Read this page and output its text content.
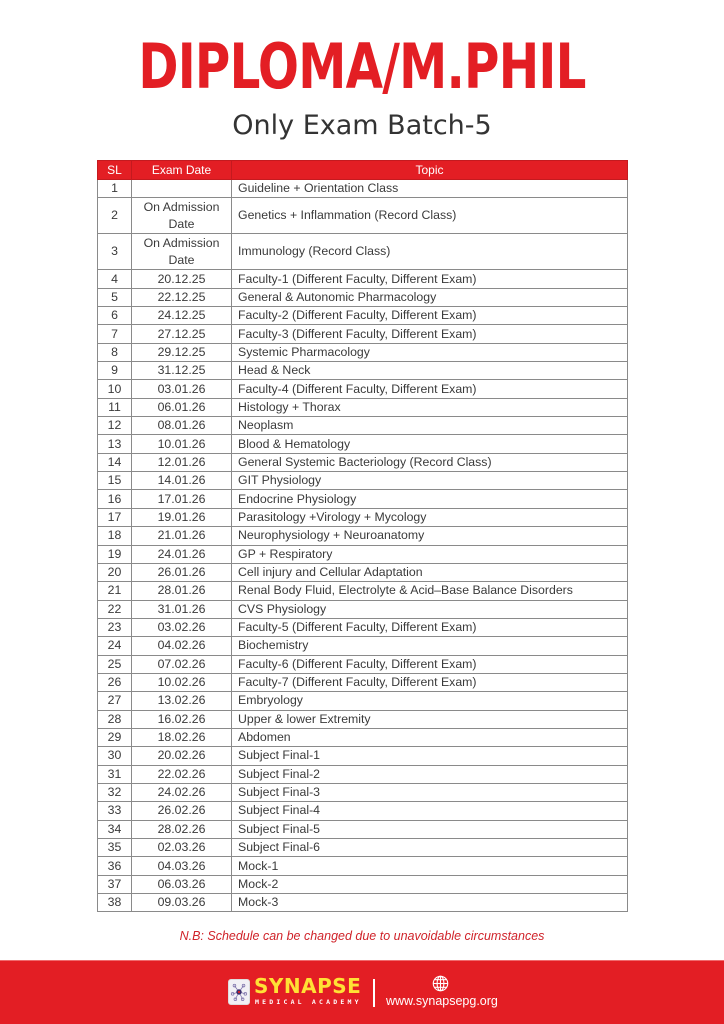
DIPLOMA/M.PHIL
Only Exam Batch-5
SL	Exam Date	Topic
1		Guideline + Orientation Class
2	On Admission Date	Genetics + Inflammation (Record Class)
3	On Admission Date	Immunology (Record Class)
4	20.12.25	Faculty-1 (Different Faculty, Different Exam)
5	22.12.25	General & Autonomic Pharmacology
6	24.12.25	Faculty-2 (Different Faculty, Different Exam)
7	27.12.25	Faculty-3 (Different Faculty, Different Exam)
8	29.12.25	Systemic Pharmacology
9	31.12.25	Head & Neck
10	03.01.26	Faculty-4 (Different Faculty, Different Exam)
11	06.01.26	Histology + Thorax
12	08.01.26	Neoplasm
13	10.01.26	Blood & Hematology
14	12.01.26	General Systemic Bacteriology (Record Class)
15	14.01.26	GIT Physiology
16	17.01.26	Endocrine Physiology
17	19.01.26	Parasitology +Virology + Mycology
18	21.01.26	Neurophysiology + Neuroanatomy
19	24.01.26	GP + Respiratory
20	26.01.26	Cell injury and Cellular Adaptation
21	28.01.26	Renal Body Fluid, Electrolyte & Acid–Base Balance Disorders
22	31.01.26	CVS Physiology
23	03.02.26	Faculty-5 (Different Faculty, Different Exam)
24	04.02.26	Biochemistry
25	07.02.26	Faculty-6 (Different Faculty, Different Exam)
26	10.02.26	Faculty-7 (Different Faculty, Different Exam)
27	13.02.26	Embryology
28	16.02.26	Upper & lower Extremity
29	18.02.26	Abdomen
30	20.02.26	Subject Final-1
31	22.02.26	Subject Final-2
32	24.02.26	Subject Final-3
33	26.02.26	Subject Final-4
34	28.02.26	Subject Final-5
35	02.03.26	Subject Final-6
36	04.03.26	Mock-1
37	06.03.26	Mock-2
38	09.03.26	Mock-3
N.B: Schedule can be changed due to unavoidable circumstances
SYNAPSE
MEDICAL ACADEMY www.synapsepg.org
